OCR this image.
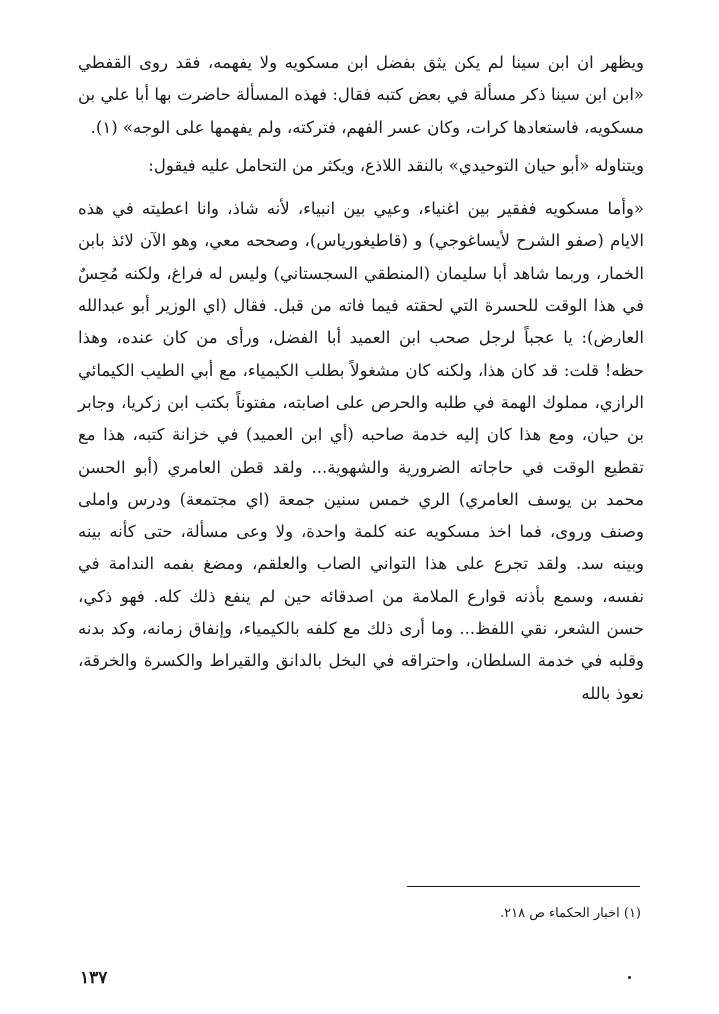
ويظهر ان ابن سينا لم يكن يثق بفضل ابن مسكويه ولا يفهمه، فقد روى القفطي «ابن ابن سينا ذكر مسألة في بعض كتبه فقال: فهذه المسألة حاضرت بها أبا علي بن مسكويه، فاستعادها كرات، وكان عسر الفهم، فتركته، ولم يفهمها على الوجه» (١).

ويتناوله «أبو حيان التوحيدي» بالنقد اللاذع، ويكثر من التحامل عليه فيقول:

«وأما مسكويه ففقير بين اغنياء، وعيي بين انبياء، لأنه شاذ، وانا اعطيته في هذه الايام (صفو الشرح لأيساغوجي) و (قاطيغورياس)، وصححه معي، وهو الآن لائذ بابن الخمار، وربما شاهد أبا سليمان (المنطقي السجستاني) وليس له فراغ، ولكنه مُحِسٌ في هذا الوقت للحسرة التي لحقته فيما فاته من قبل. فقال (اي الوزير أبو عبدالله العارض): يا عجباً لرجل صحب ابن العميد أبا الفضل، ورأى من كان عنده، وهذا حظه! قلت: قد كان هذا، ولكنه كان مشغولاً بطلب الكيمياء، مع أبي الطيب الكيمائي الرازي، مملوك الهمة في طلبه والحرص على اصابته، مفتوناً بكتب ابن زكريا، وجابر بن حيان، ومع هذا كان إليه خدمة صاحبه (أي ابن العميد) في خزانة كتبه، هذا مع تقطيع الوقت في حاجاته الضرورية والشهوية... ولقد قطن العامري (أبو الحسن محمد بن يوسف العامري) الري خمس سنين جمعة (اي مجتمعة) ودرس واملى وصنف وروى، فما اخذ مسكويه عنه كلمة واحدة، ولا وعى مسألة، حتى كأنه بينه وبينه سد. ولقد تجرع على هذا التواني الصاب والعلقم، ومضغ بفمه الندامة في نفسه، وسمع بأذنه قوارع الملامة من اصدقائه حين لم ينفع ذلك كله. فهو ذكي، حسن الشعر، نقي اللفظ... وما أرى ذلك مع كلفه بالكيمياء، وإنفاق زمانه، وكد بدنه وقلبه في خدمة السلطان، واحتراقه في البخل بالدانق والقيراط والكسرة والخرقة، نعوذ بالله

(١) اخبار الحكماء ص ٢١٨.
١٣٧
